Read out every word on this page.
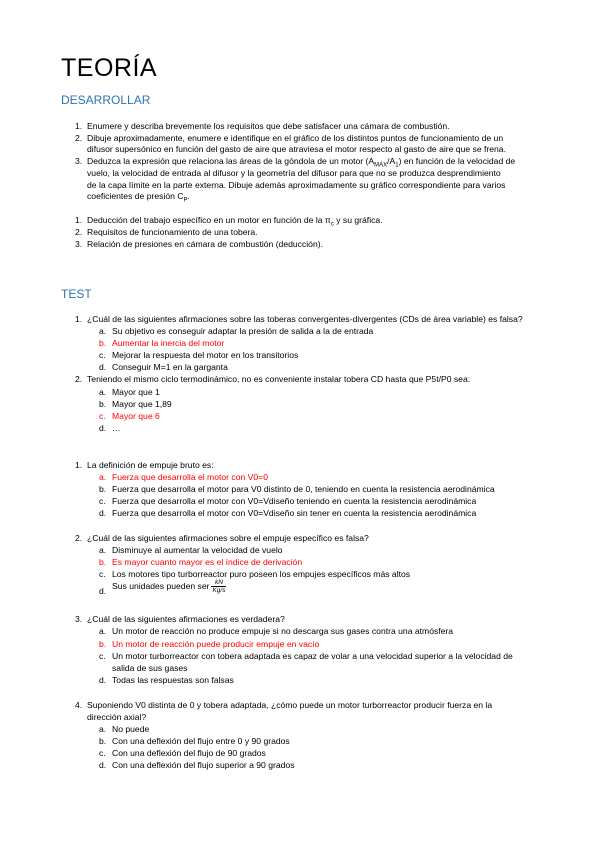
TEORÍA
DESARROLLAR
1. Enumere y describa brevemente los requisitos que debe satisfacer una cámara de combustión.
2. Dibuje aproximadamente, enumere e identifique en el gráfico de los distintos puntos de funcionamiento de un
difusor supersónico en función del gasto de aire que atraviesa el motor respecto al gasto de aire que se frena.
3. Deduzca la expresión que relaciona las áreas de la góndola de un motor $(A_{MÁX}/A_1)$ en función de la velocidad de
vuelo, la velocidad de entrada al difusor y la geometría del difusor para que no se produzca desprendimiento
de la capa límite en la parte externa. Dibuje además aproximadamente su gráfico correspondiente para varios
coeficientes de presión $C_P$.
1. Deducción del trabajo específico en un motor en función de la $\pi_c$ y su gráfica.
2. Requisitos de funcionamiento de una tobera.
3. Relación de presiones en cámara de combustión (deducción).
TEST
1. ¿Cuál de las siguientes afirmaciones sobre las toberas convergentes-divergentes (CDs de área variable) es falsa?
a. Su objetivo es conseguir adaptar la presión de salida a la de entrada
b. Aumentar la inercia del motor
c. Mejorar la respuesta del motor en los transitorios
d. Conseguir M=1 en la garganta
2. Teniendo el mismo ciclo termodinámico, no es conveniente instalar tobera CD hasta que P5t/P0 sea:
a. Mayor que 1
b. Mayor que 1,89
c. Mayor que 6
d. …
1. La definición de empuje bruto es:
a. Fuerza que desarrolla el motor con V0=0
b. Fuerza que desarrolla el motor para V0 distinto de 0, teniendo en cuenta la resistencia aerodinámica
c. Fuerza que desarrolla el motor con V0=Vdiseño teniendo en cuenta la resistencia aerodinámica
d. Fuerza que desarrolla el motor con V0=Vdiseño sin tener en cuenta la resistencia aerodinámica
2. ¿Cuál de las siguientes afirmaciones sobre el empuje específico es falsa?
a. Disminuye al aumentar la velocidad de vuelo
b. Es mayor cuanto mayor es el índice de derivación
c. Los motores tipo turborreactor puro poseen los empujes específicos más altos
d.
Sus unidades pueden ser $\frac{kN}{Kg/s}$
3. ¿Cuál de las siguientes afirmaciones es verdadera?
a. Un motor de reacción no produce empuje si no descarga sus gases contra una atmósfera
b. Un motor de reacción puede producir empuje en vacío
c. Un motor turborreactor con tobera adaptada es capaz de volar a una velocidad superior a la velocidad de
salida de sus gases
d. Todas las respuestas son falsas
4. Suponiendo V0 distinta de 0 y tobera adaptada, ¿cómo puede un motor turborreactor producir fuerza en la
dirección axial?
a. No puede
b. Con una deflexión del flujo entre 0 y 90 grados
c. Con una deflexión del flujo de 90 grados
d. Con una deflexión del flujo superior a 90 grados
